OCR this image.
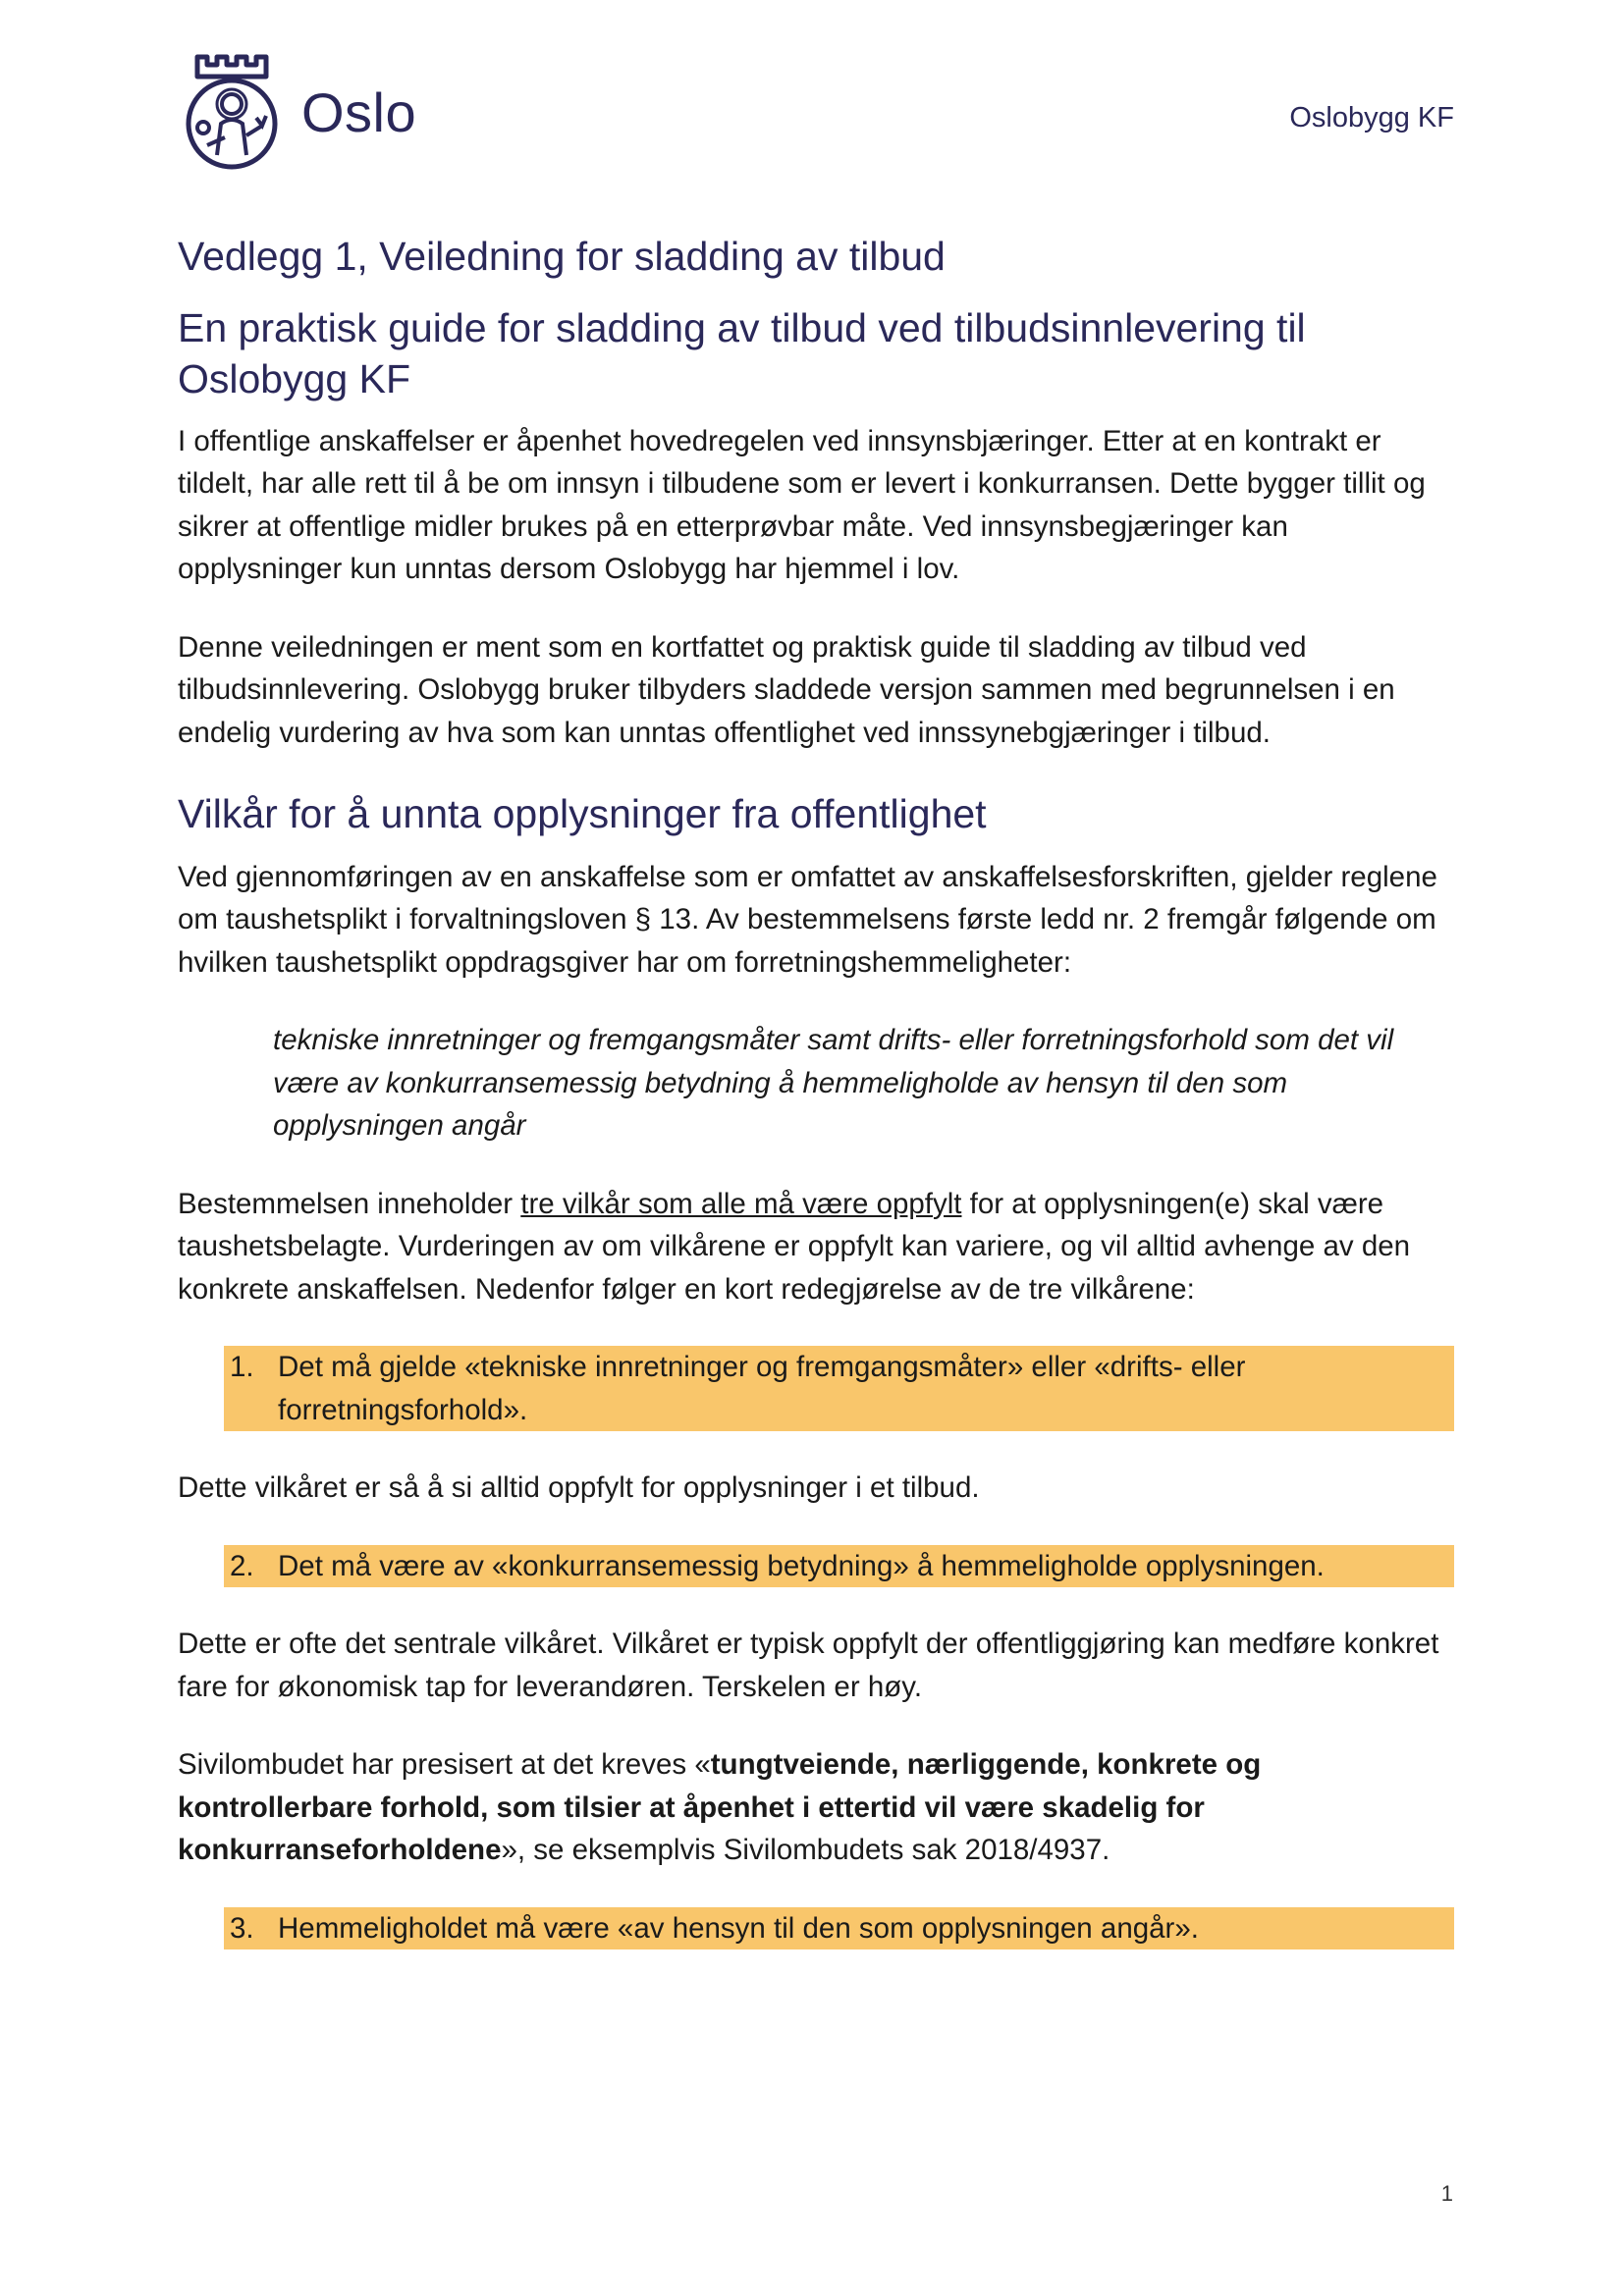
Oslo	Oslobygg KF
Vedlegg 1, Veiledning for sladding av tilbud
En praktisk guide for sladding av tilbud ved tilbudsinnlevering til Oslobygg KF

I offentlige anskaffelser er åpenhet hovedregelen ved innsynsbjæringer. Etter at en kontrakt er tildelt, har alle rett til å be om innsyn i tilbudene som er levert i konkurransen. Dette bygger tillit og sikrer at offentlige midler brukes på en etterprøvbar måte. Ved innsynsbegjæringer kan opplysninger kun unntas dersom Oslobygg har hjemmel i lov.

Denne veiledningen er ment som en kortfattet og praktisk guide til sladding av tilbud ved tilbudsinnlevering. Oslobygg bruker tilbyders sladdede versjon sammen med begrunnelsen i en endelig vurdering av hva som kan unntas offentlighet ved innssynebgjæringer i tilbud.

Vilkår for å unnta opplysninger fra offentlighet

Ved gjennomføringen av en anskaffelse som er omfattet av anskaffelsesforskriften, gjelder reglene om taushetsplikt i forvaltningsloven § 13. Av bestemmelsens første ledd nr. 2 fremgår følgende om hvilken taushetsplikt oppdragsgiver har om forretningshemmeligheter:

tekniske innretninger og fremgangsmåter samt drifts- eller forretningsforhold som det vil være av konkurransemessig betydning å hemmeligholde av hensyn til den som opplysningen angår

Bestemmelsen inneholder tre vilkår som alle må være oppfylt for at opplysningen(e) skal være taushetsbelagte. Vurderingen av om vilkårene er oppfylt kan variere, og vil alltid avhenge av den konkrete anskaffelsen. Nedenfor følger en kort redegjørelse av de tre vilkårene:

1. Det må gjelde «tekniske innretninger og fremgangsmåter» eller «drifts- eller forretningsforhold».

Dette vilkåret er så å si alltid oppfylt for opplysninger i et tilbud.

2. Det må være av «konkurransemessig betydning» å hemmeligholde opplysningen.

Dette er ofte det sentrale vilkåret. Vilkåret er typisk oppfylt der offentliggjøring kan medføre konkret fare for økonomisk tap for leverandøren. Terskelen er høy.

Sivilombudet har presisert at det kreves «tungtveiende, nærliggende, konkrete og kontrollerbare forhold, som tilsier at åpenhet i ettertid vil være skadelig for konkurranseforholdene», se eksemplvis Sivilombudets sak 2018/4937.

3. Hemmeligholdet må være «av hensyn til den som opplysningen angår».
1
